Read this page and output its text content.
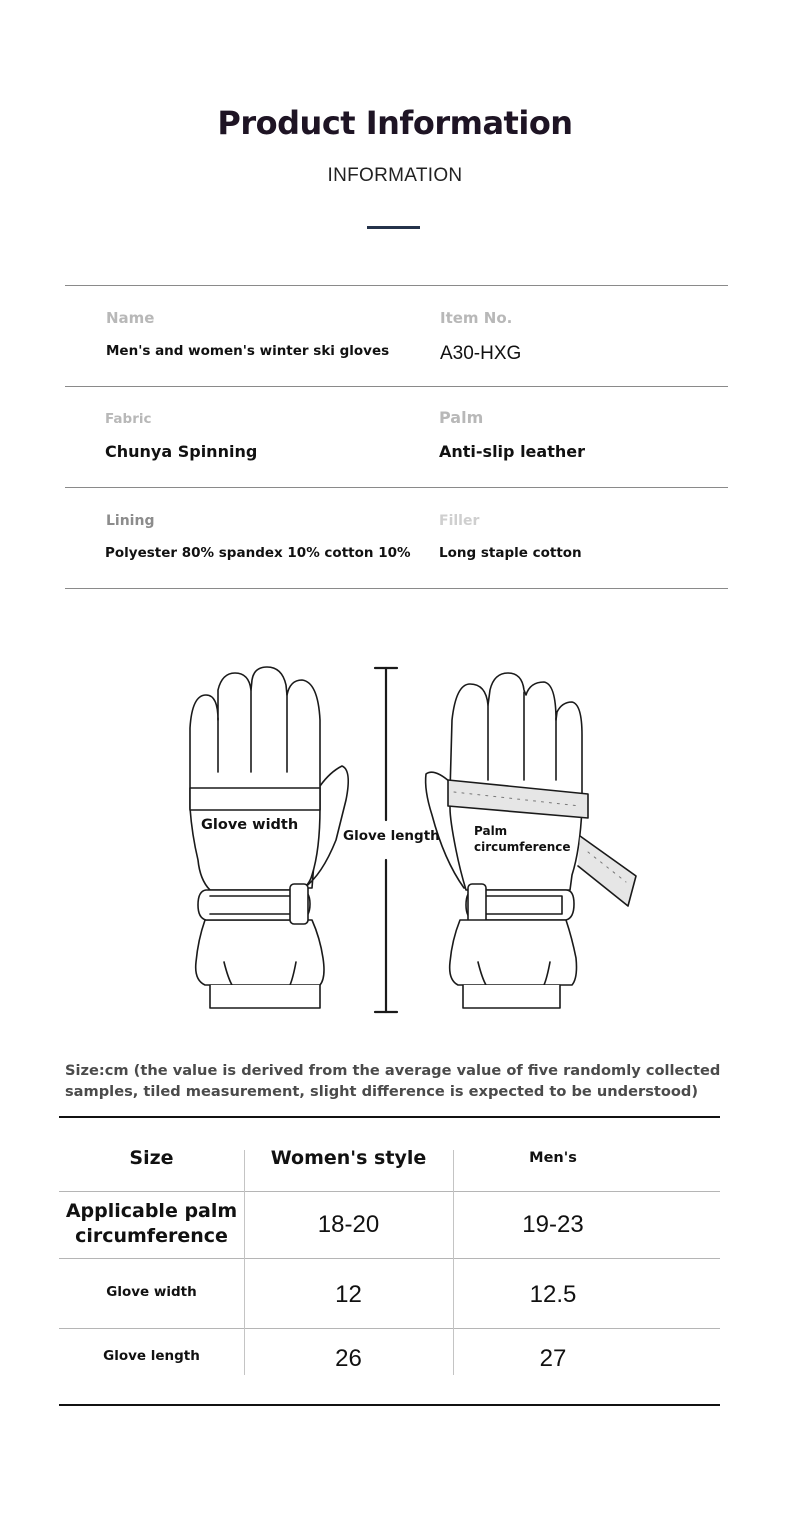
Product Information
INFORMATION
Name
Men's and women's winter ski gloves
Item No.
A30-HXG
Fabric
Chunya Spinning
Palm
Anti-slip leather
Lining
Polyester 80% spandex 10% cotton 10%
Filler
Long staple cotton
Glove width
Glove length	Palm
circumference
Size:cm (the value is derived from the average value of five randomly collected samples, tiled measurement, slight difference is expected to be understood)
Size	Women's style	Men's
Applicable palm
circumference	18-20	19-23
Glove width	12	12.5
Glove length	26	27
